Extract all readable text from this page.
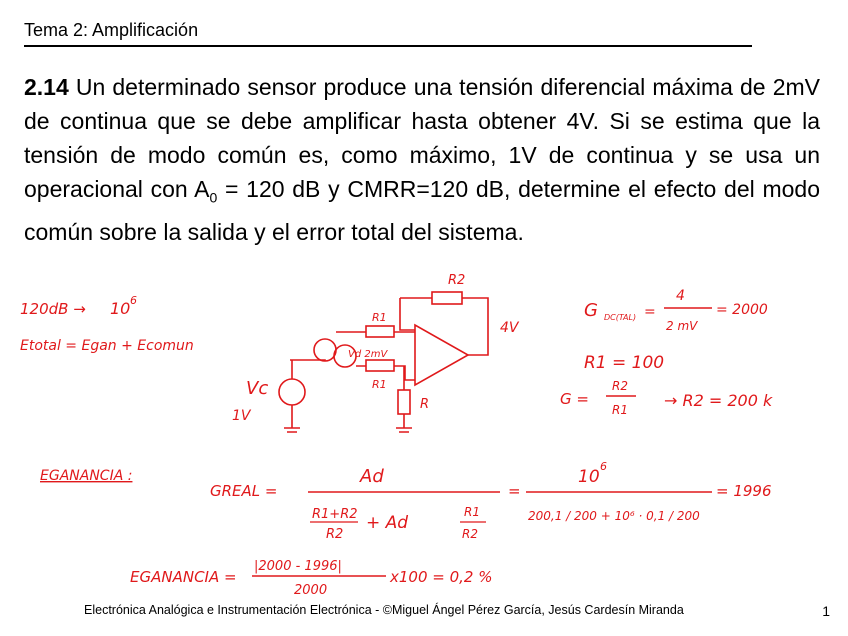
Tema 2: Amplificación
2.14 Un determinado sensor produce una tensión diferencial máxima de 2mV de continua que se debe amplificar hasta obtener 4V. Si se estima que la tensión de modo común es, como máximo, 1V de continua y se usa un operacional con $A_0 = 120$ dB y CMRR=120 dB, determine el efecto del modo común sobre la salida y el error total del sistema.
120dB → 10 6
Etotal = Egan + Ecomun
R2
R1
R1
Vd 2mV
4V
Vc
1V
R
G DC(TAL) =
4
2 mV
= 2000
R1 = 100
G =
R2
R1 → R2 = 200 k
EGANANCIA :
GREAL =
Ad
R1+R2
R2
+ Ad
R1
R2
=
10
6
200,1 / 200 + 10⁶ · 0,1 / 200
= 1996
EGANANCIA =
|2000 - 1996|
2000
x100 = 0,2 %
Electrónica Analógica e Instrumentación Electrónica - ©Miguel Ángel Pérez García, Jesús Cardesín Miranda	1
